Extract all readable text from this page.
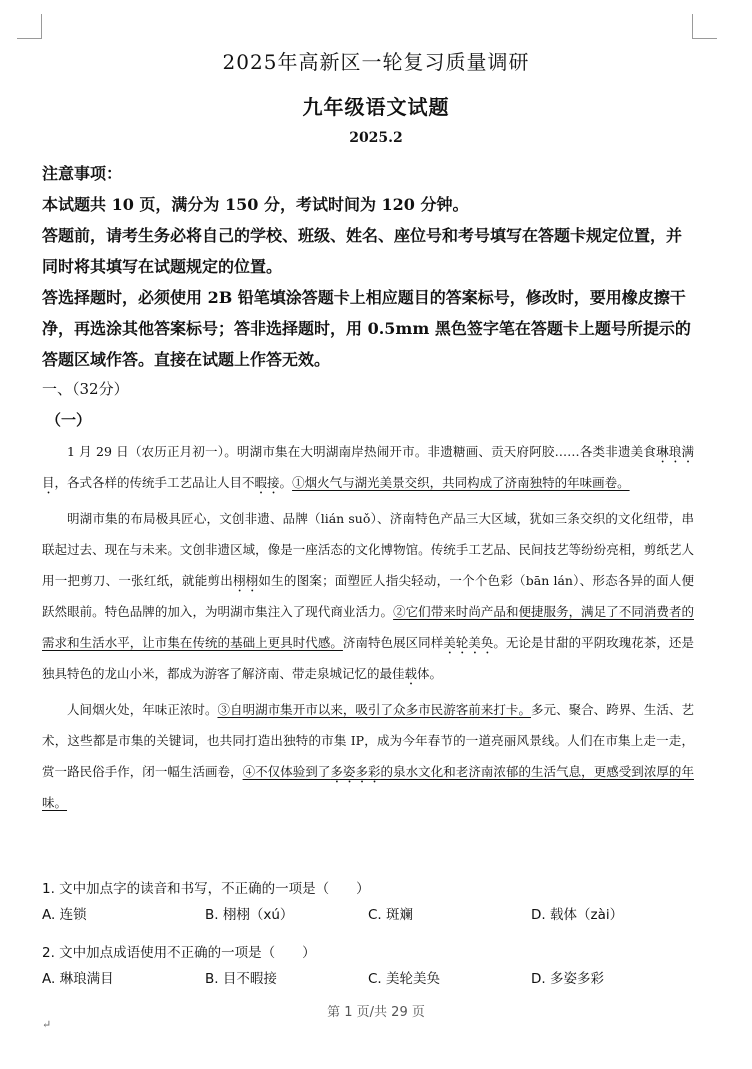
2025年高新区一轮复习质量调研
九年级语文试题
2025.2

注意事项：

本试题共 10 页，满分为 150 分，考试时间为 120 分钟。

答题前，请考生务必将自己的学校、班级、姓名、座位号和考号填写在答题卡规定位置，并同时将其填写在试题规定的位置。

答选择题时，必须使用 2B 铅笔填涂答题卡上相应题目的答案标号，修改时，要用橡皮擦干净，再选涂其他答案标号；答非选择题时，用 0.5mm 黑色签字笔在答题卡上题号所提示的答题区域作答。直接在试题上作答无效。

一、（32分）
（一）

1 月 29 日（农历正月初一）。明湖市集在大明湖南岸热闹开市。非遗糖画、贡天府阿胶……各类非遗美食琳琅满目，各式各样的传统手工艺品让人目不暇接。①烟火气与湖光美景交织，共同构成了济南独特的年味画卷。

明湖市集的布局极具匠心，文创非遗、品牌（lián suǒ）、济南特色产品三大区域，犹如三条交织的文化纽带，串联起过去、现在与未来。文创非遗区域，像是一座活态的文化博物馆。传统手工艺品、民间技艺等纷纷亮相，剪纸艺人用一把剪刀、一张红纸，就能剪出栩栩如生的图案；面塑匠人指尖轻动，一个个色彩（bān lán）、形态各异的面人便跃然眼前。特色品牌的加入，为明湖市集注入了现代商业活力。②它们带来时尚产品和便捷服务，满足了不同消费者的需求和生活水平，让市集在传统的基础上更具时代感。济南特色展区同样美轮美奂。无论是甘甜的平阴玫瑰花茶，还是独具特色的龙山小米，都成为游客了解济南、带走泉城记忆的最佳载体。

人间烟火处，年味正浓时。③自明湖市集开市以来，吸引了众多市民游客前来打卡。多元、聚合、跨界、生活、艺术，这些都是市集的关键词，也共同打造出独特的市集 IP，成为今年春节的一道亮丽风景线。人们在市集上走一走，赏一路民俗手作，闭一幅生活画卷，④不仅体验到了多姿多彩的泉水文化和老济南浓郁的生活气息，更感受到浓厚的年味。

1. 文中加点字的读音和书写，不正确的一项是（　　）

A. 连锁	B. 栩栩（xú）	C. 斑斓	D. 载体（zài）

2. 文中加点成语使用不正确的一项是（　　）

A. 琳琅满目	B. 目不暇接	C. 美轮美奂	D. 多姿多彩
第 1 页/共 29 页
↵
